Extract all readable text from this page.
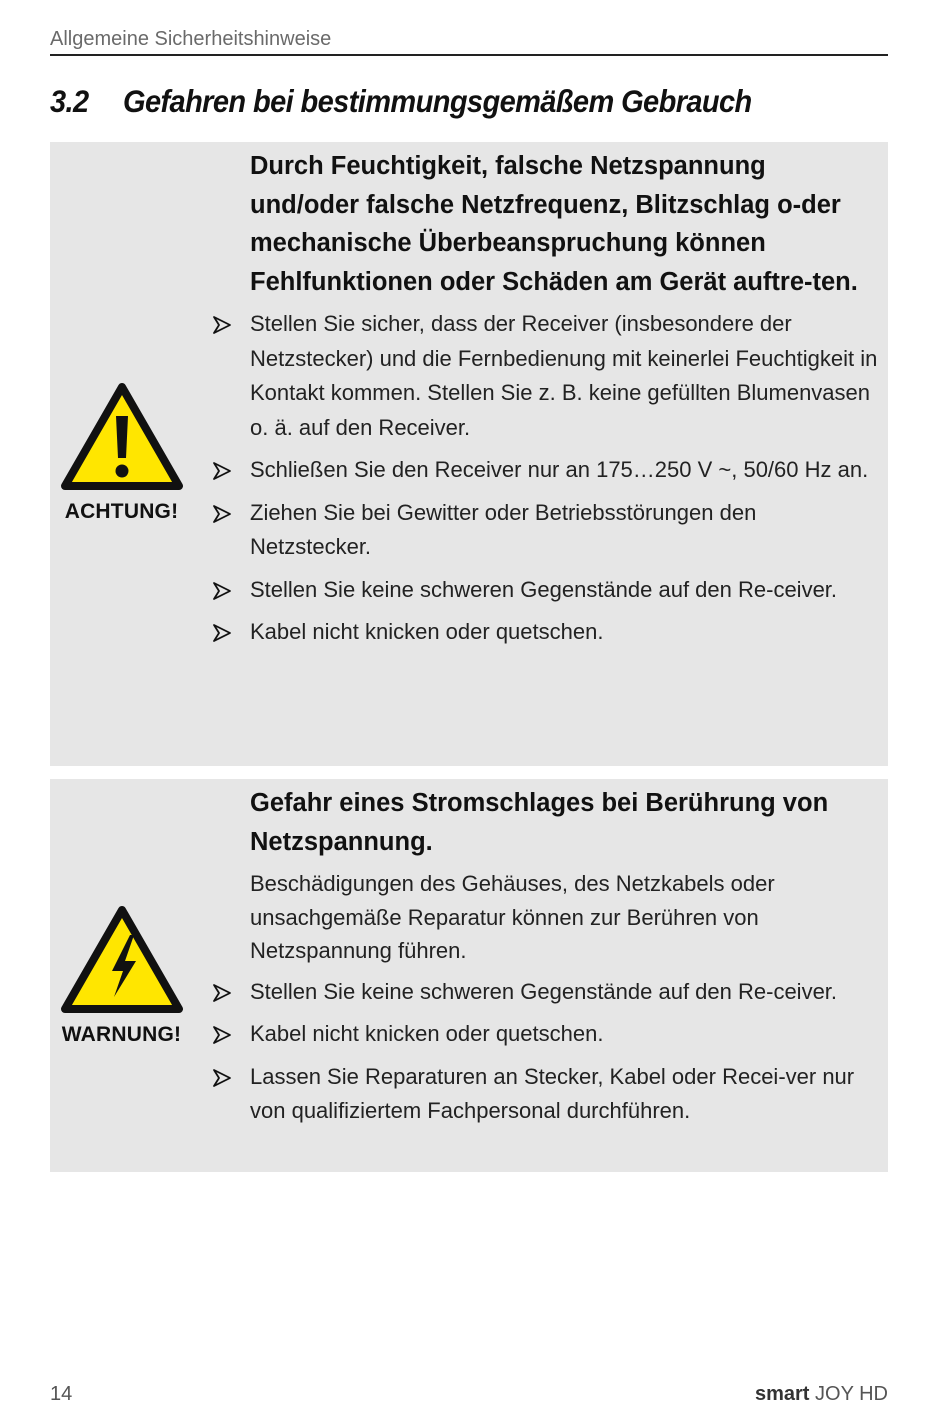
Allgemeine Sicherheitshinweise
3.2 Gefahren bei bestimmungsgemäßem Gebrauch
ACHTUNG!

Durch Feuchtigkeit, falsche Netzspannung und/oder falsche Netzfrequenz, Blitzschlag o-der mechanische Überbeanspruchung können Fehlfunktionen oder Schäden am Gerät auftre-ten.

Stellen Sie sicher, dass der Receiver (insbesondere der Netzstecker) und die Fernbedienung mit keinerlei Feuchtigkeit in Kontakt kommen. Stellen Sie z. B. keine gefüllten Blumenvasen o. ä. auf den Receiver.
Schließen Sie den Receiver nur an 175…250 V ~, 50/60 Hz an.
Ziehen Sie bei Gewitter oder Betriebsstörungen den Netzstecker.
Stellen Sie keine schweren Gegenstände auf den Re-ceiver.
Kabel nicht knicken oder quetschen.
WARNUNG!

Gefahr eines Stromschlages bei Berührung von Netzspannung.

Beschädigungen des Gehäuses, des Netzkabels oder unsachgemäße Reparatur können zur Berühren von Netzspannung führen.

Stellen Sie keine schweren Gegenstände auf den Re-ceiver.
Kabel nicht knicken oder quetschen.
Lassen Sie Reparaturen an Stecker, Kabel oder Recei-ver nur von qualifiziertem Fachpersonal durchführen.
14	smart JOY HD
